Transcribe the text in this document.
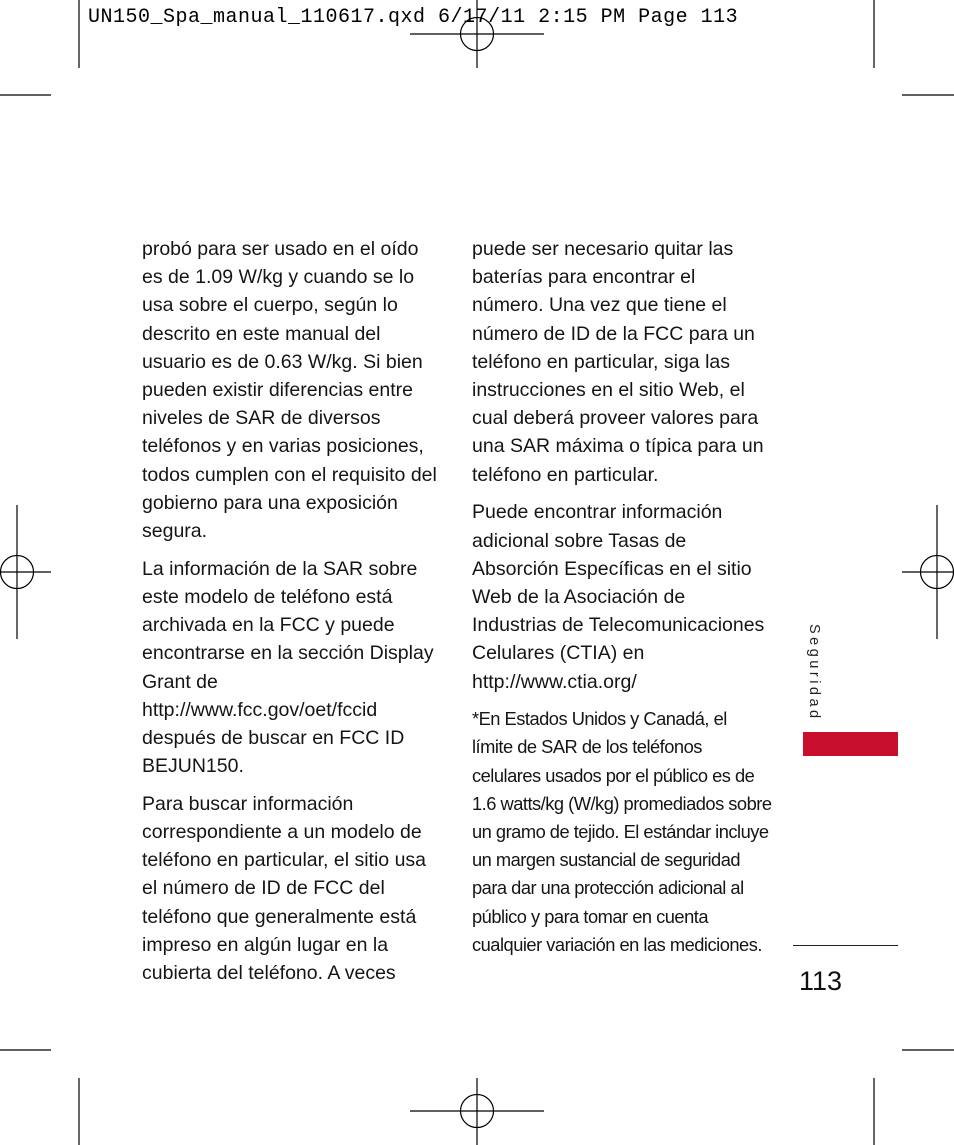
UN150_Spa_manual_110617.qxd 6/17/11 2:15 PM Page 113

probó para ser usado en el oído es de 1.09 W/kg y cuando se lo usa sobre el cuerpo, según lo descrito en este manual del usuario es de 0.63 W/kg. Si bien pueden existir diferencias entre niveles de SAR de diversos teléfonos y en varias posiciones, todos cumplen con el requisito del gobierno para una exposición segura.

La información de la SAR sobre este modelo de teléfono está archivada en la FCC y puede encontrarse en la sección Display Grant de http://www.fcc.gov/oet/fccid después de buscar en FCC ID BEJUN150.

Para buscar información correspondiente a un modelo de teléfono en particular, el sitio usa el número de ID de FCC del teléfono que generalmente está impreso en algún lugar en la cubierta del teléfono. A veces

puede ser necesario quitar las baterías para encontrar el número. Una vez que tiene el número de ID de la FCC para un teléfono en particular, siga las instrucciones en el sitio Web, el cual deberá proveer valores para una SAR máxima o típica para un teléfono en particular.

Puede encontrar información adicional sobre Tasas de Absorción Específicas en el sitio Web de la Asociación de Industrias de Telecomunicaciones Celulares (CTIA) en http://www.ctia.org/

*En Estados Unidos y Canadá, el límite de SAR de los teléfonos celulares usados por el público es de 1.6 watts/kg (W/kg) promediados sobre un gramo de tejido. El estándar incluye un margen sustancial de seguridad para dar una protección adicional al público y para tomar en cuenta cualquier variación en las mediciones.

Seguridad
113
